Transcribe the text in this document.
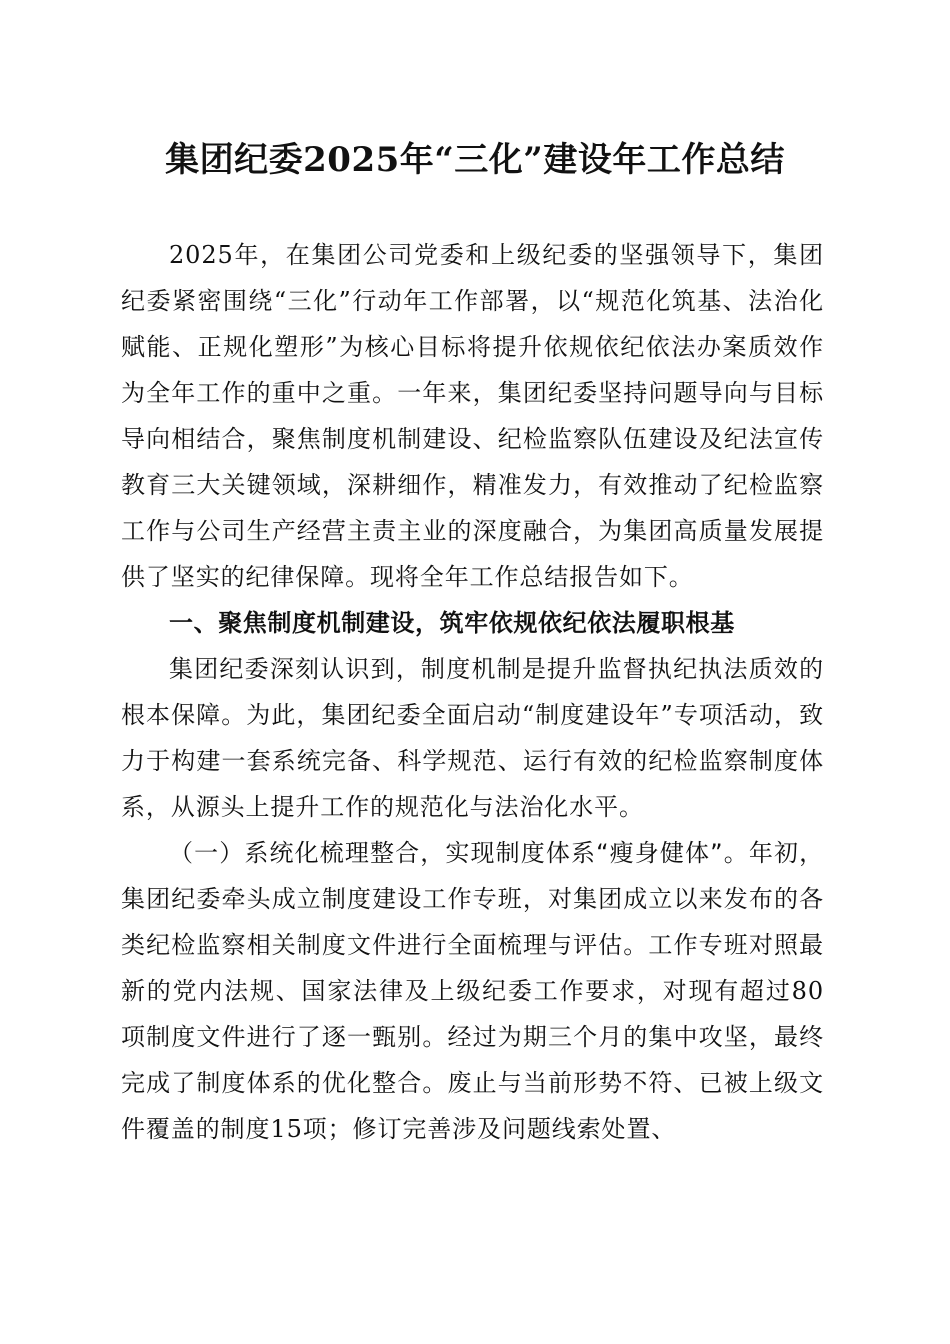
集团纪委2025年“三化”建设年工作总结

2025年，在集团公司党委和上级纪委的坚强领导下，集团纪委紧密围绕“三化”行动年工作部署，以“规范化筑基、法治化赋能、正规化塑形”为核心目标将提升依规依纪依法办案质效作为全年工作的重中之重。一年来，集团纪委坚持问题导向与目标导向相结合，聚焦制度机制建设、纪检监察队伍建设及纪法宣传教育三大关键领域，深耕细作，精准发力，有效推动了纪检监察工作与公司生产经营主责主业的深度融合，为集团高质量发展提供了坚实的纪律保障。现将全年工作总结报告如下。

一、聚焦制度机制建设，筑牢依规依纪依法履职根基

集团纪委深刻认识到，制度机制是提升监督执纪执法质效的根本保障。为此，集团纪委全面启动“制度建设年”专项活动，致力于构建一套系统完备、科学规范、运行有效的纪检监察制度体系，从源头上提升工作的规范化与法治化水平。

（一）系统化梳理整合，实现制度体系“瘦身健体”。年初，集团纪委牵头成立制度建设工作专班，对集团成立以来发布的各类纪检监察相关制度文件进行全面梳理与评估。工作专班对照最新的党内法规、国家法律及上级纪委工作要求，对现有超过80项制度文件进行了逐一甄别。经过为期三个月的集中攻坚，最终完成了制度体系的优化整合。废止与当前形势不符、已被上级文件覆盖的制度15项；修订完善涉及问题线索处置、
